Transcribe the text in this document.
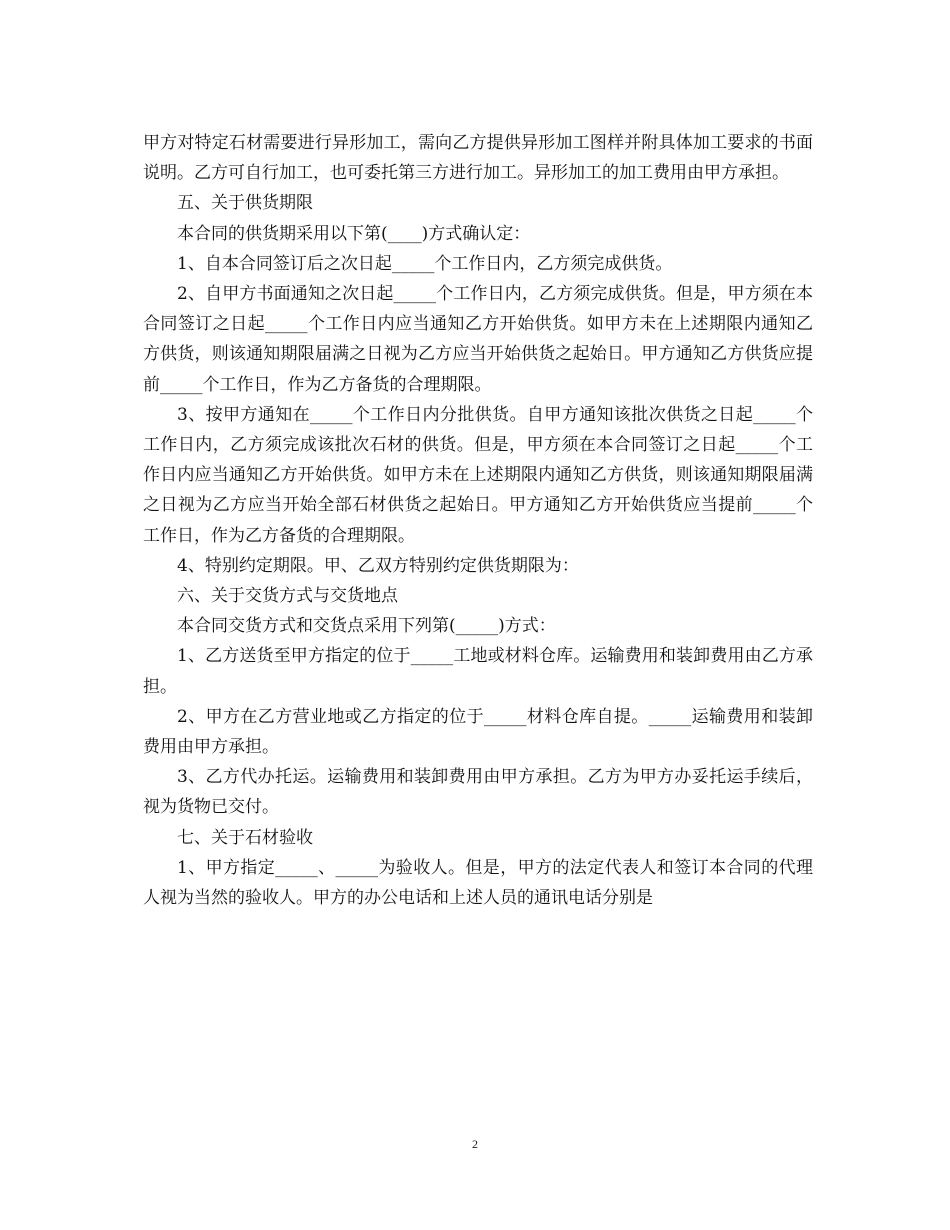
甲方对特定石材需要进行异形加工，需向乙方提供异形加工图样并附具体加工要求的书面说明。乙方可自行加工，也可委托第三方进行加工。异形加工的加工费用由甲方承担。

五、关于供货期限

本合同的供货期采用以下第(____)方式确认定：

1、自本合同签订后之次日起_____个工作日内，乙方须完成供货。

2、自甲方书面通知之次日起_____个工作日内，乙方须完成供货。但是，甲方须在本合同签订之日起_____个工作日内应当通知乙方开始供货。如甲方未在上述期限内通知乙方供货，则该通知期限届满之日视为乙方应当开始供货之起始日。甲方通知乙方供货应提前_____个工作日，作为乙方备货的合理期限。

3、按甲方通知在_____个工作日内分批供货。自甲方通知该批次供货之日起_____个工作日内，乙方须完成该批次石材的供货。但是，甲方须在本合同签订之日起_____个工作日内应当通知乙方开始供货。如甲方未在上述期限内通知乙方供货，则该通知期限届满之日视为乙方应当开始全部石材供货之起始日。甲方通知乙方开始供货应当提前_____个工作日，作为乙方备货的合理期限。

4、特别约定期限。甲、乙双方特别约定供货期限为：

六、关于交货方式与交货地点

本合同交货方式和交货点采用下列第(_____)方式：

1、乙方送货至甲方指定的位于_____工地或材料仓库。运输费用和装卸费用由乙方承担。

2、甲方在乙方营业地或乙方指定的位于_____材料仓库自提。_____运输费用和装卸费用由甲方承担。

3、乙方代办托运。运输费用和装卸费用由甲方承担。乙方为甲方办妥托运手续后，视为货物已交付。

七、关于石材验收

1、甲方指定_____、_____为验收人。但是，甲方的法定代表人和签订本合同的代理人视为当然的验收人。甲方的办公电话和上述人员的通讯电话分别是

2
